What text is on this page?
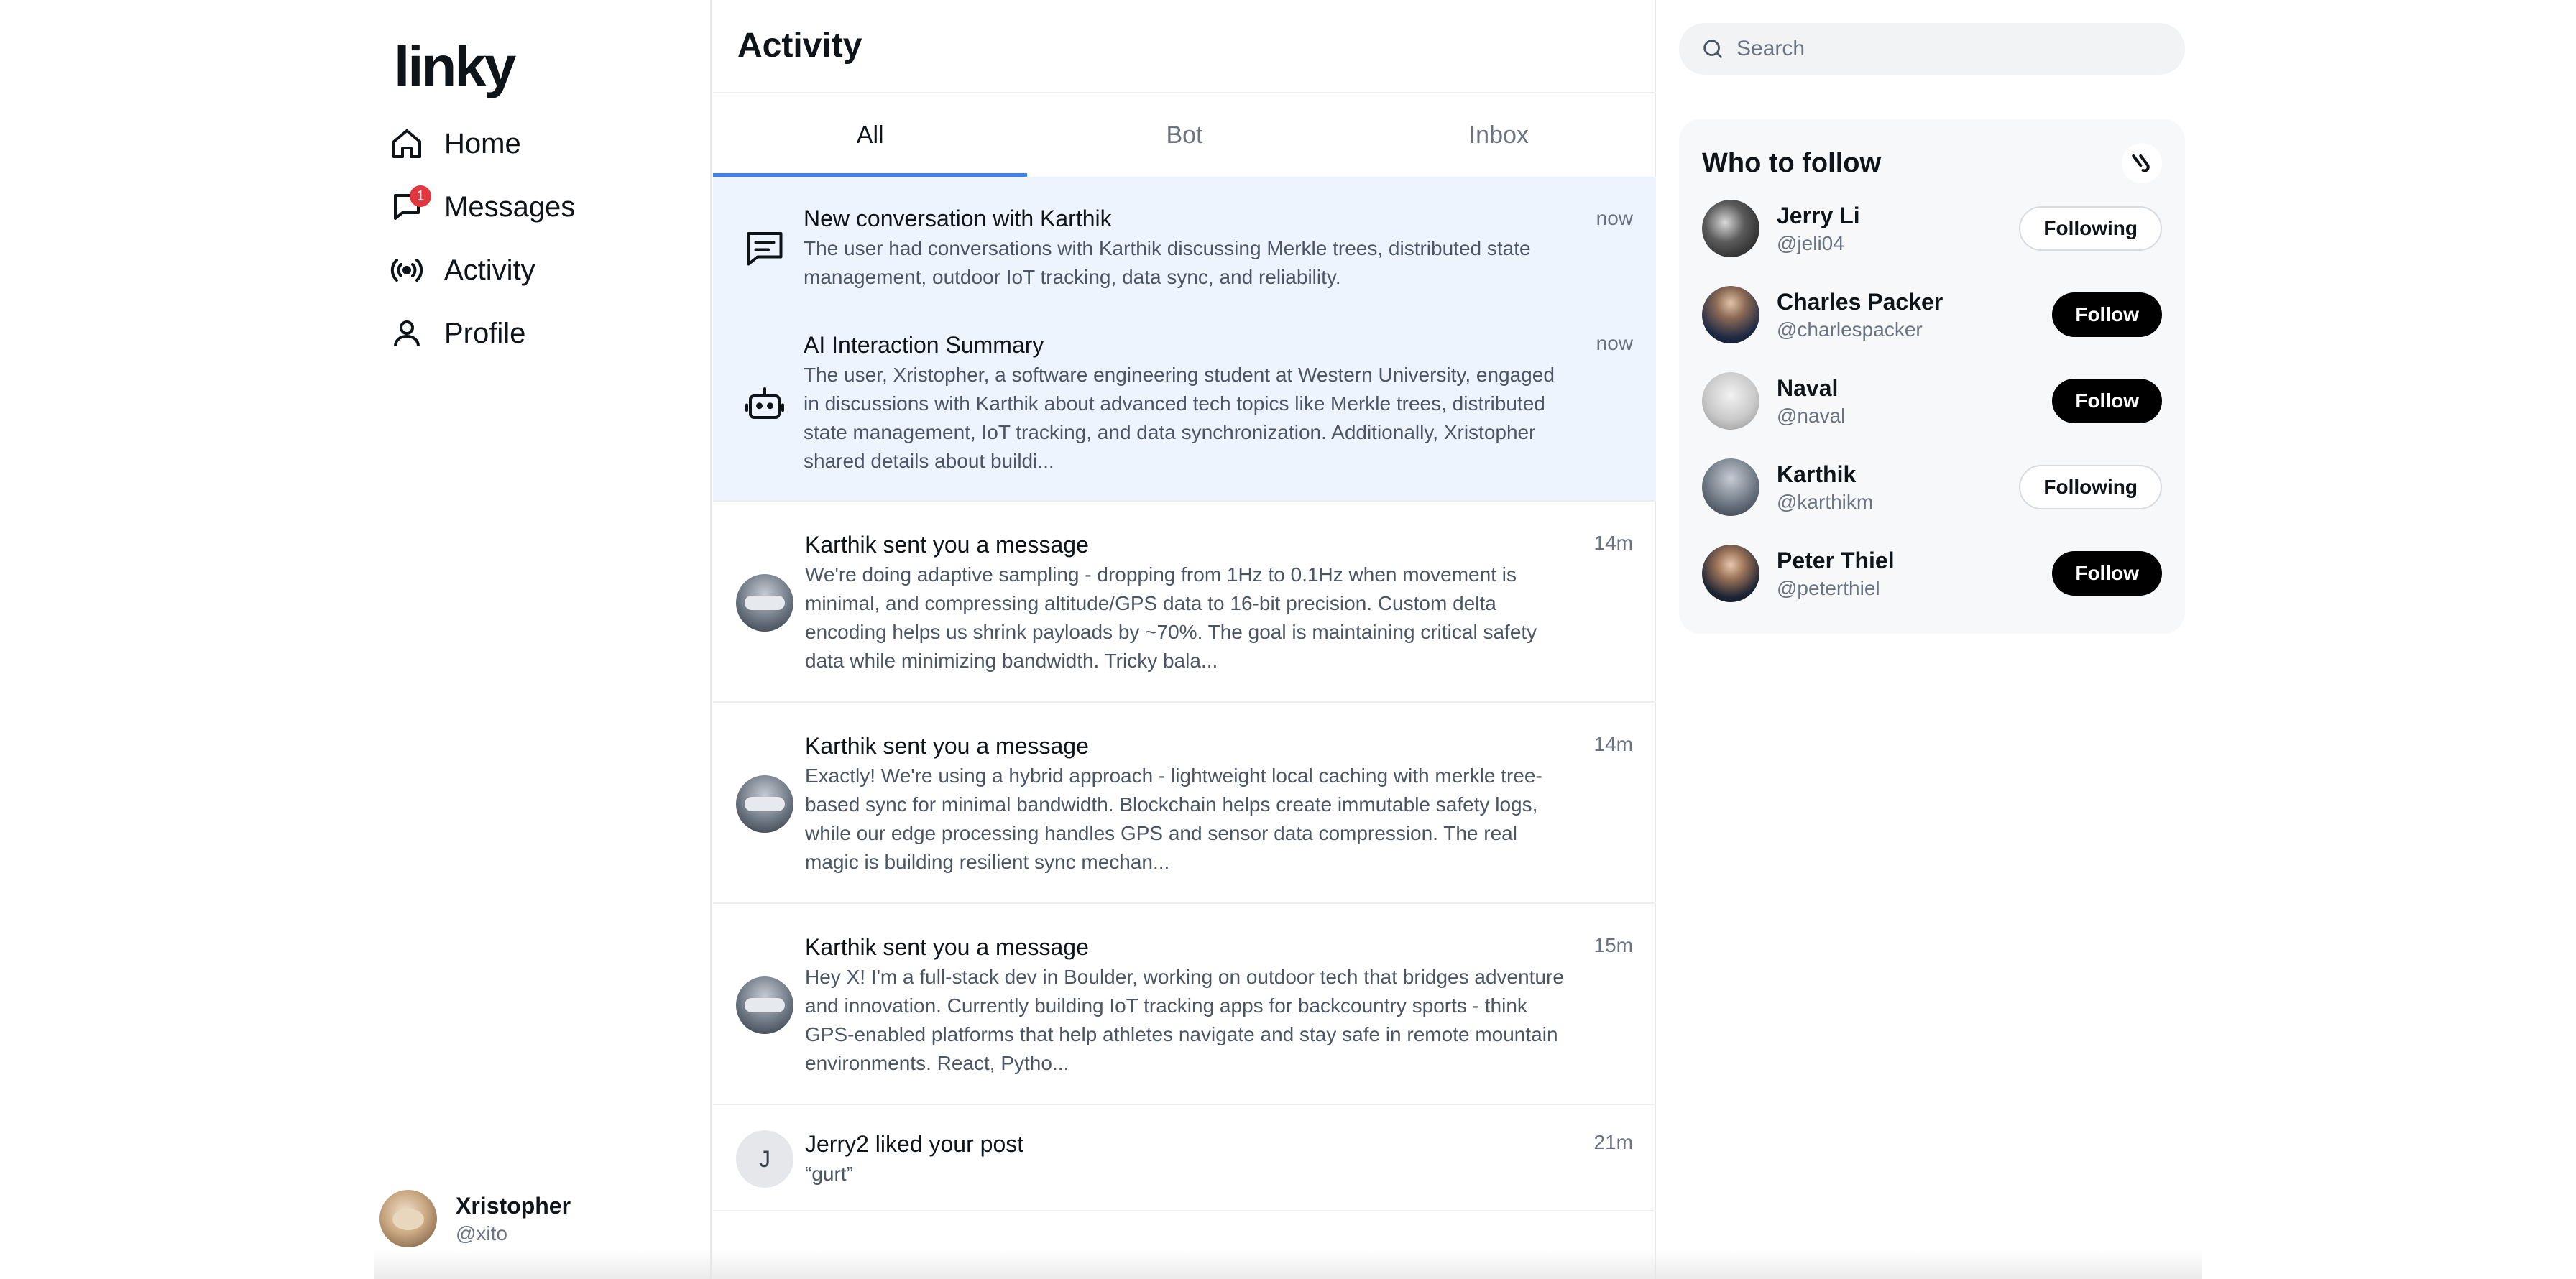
linky
Home
1 Messages
Activity
Profile
Xristopher
@xito
Activity
All	Bot	Inbox
New conversation with Karthik
The user had conversations with Karthik discussing Merkle trees, distributed state management, outdoor IoT tracking, data sync, and reliability.
now
AI Interaction Summary
The user, Xristopher, a software engineering student at Western University, engaged in discussions with Karthik about advanced tech topics like Merkle trees, distributed state management, IoT tracking, and data synchronization. Additionally, Xristopher shared details about buildi...
now
Karthik sent you a message
We're doing adaptive sampling - dropping from 1Hz to 0.1Hz when movement is minimal, and compressing altitude/GPS data to 16-bit precision. Custom delta encoding helps us shrink payloads by ~70%. The goal is maintaining critical safety data while minimizing bandwidth. Tricky bala...
14m
Karthik sent you a message
Exactly! We're using a hybrid approach - lightweight local caching with merkle tree-based sync for minimal bandwidth. Blockchain helps create immutable safety logs, while our edge processing handles GPS and sensor data compression. The real magic is building resilient sync mechan...
14m
Karthik sent you a message
Hey X! I'm a full-stack dev in Boulder, working on outdoor tech that bridges adventure and innovation. Currently building IoT tracking apps for backcountry sports - think GPS-enabled platforms that help athletes navigate and stay safe in remote mountain environments. React, Pytho...
15m
J
Jerry2 liked your post
“gurt”
21m
Search
Who to follow
Jerry Li
@jeli04
Following
Charles Packer
@charlespacker
Follow
Naval
@naval
Follow
Karthik
@karthikm
Following
Peter Thiel
@peterthiel
Follow
